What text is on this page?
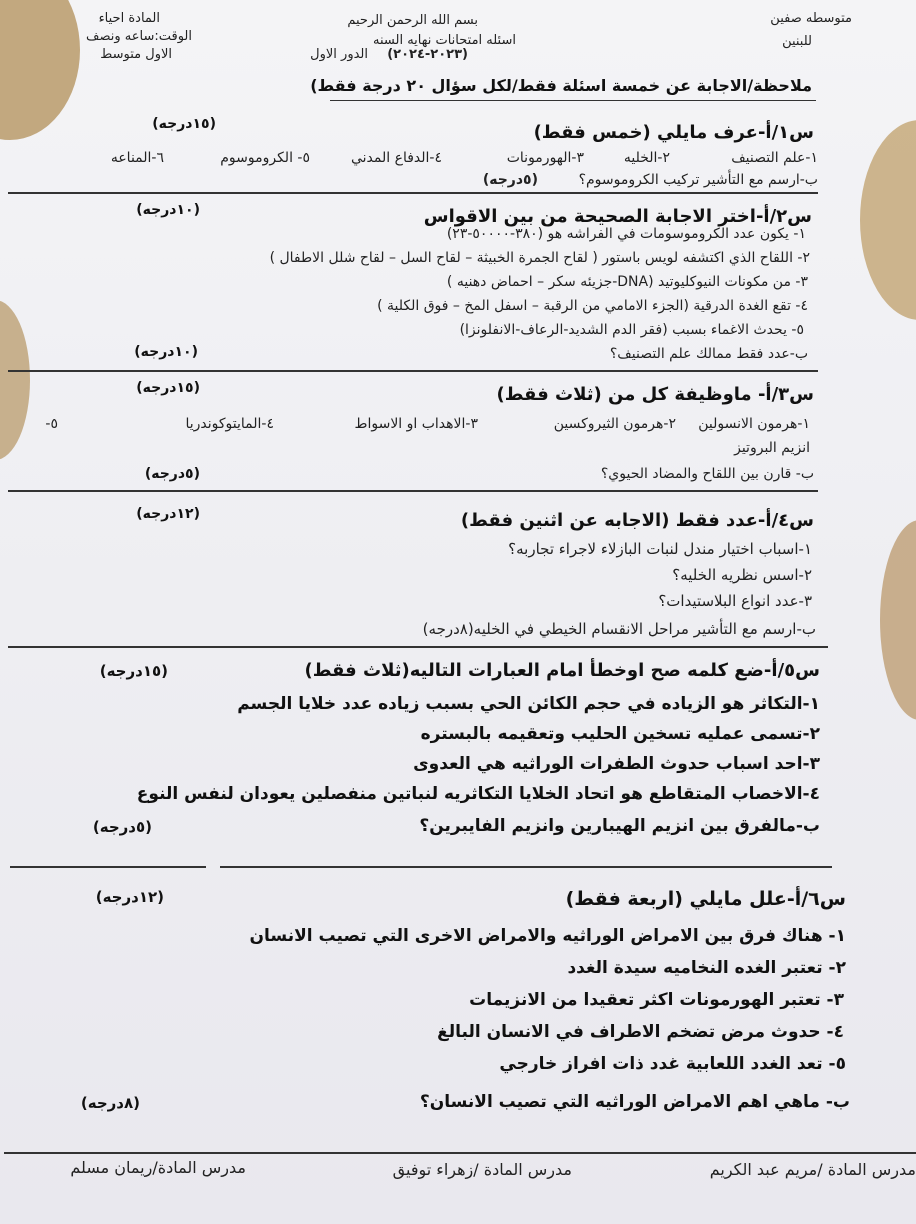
متوسطه صفين
للبنين
بسم الله الرحمن الرحيم
اسئله امتحانات نهايه السنه
(٢٠٢٣-٢٠٢٤)
الدور الاول
المادة احياء
الوقت:ساعه ونصف
الاول متوسط
ملاحظة/الاجابة عن خمسة اسئلة فقط/لكل سؤال ٢٠ درجة فقط)
(١٥درجه)	س١/أ-عرف مايلي (خمس فقط)
١-علم التصنيف
٢-الخليه
٣-الهورمونات
٤-الدفاع المدني
٥- الكروموسوم
٦-المناعه
ب-ارسم مع التأشير تركيب الكروموسوم؟
(٥درجه)
(١٠درجه)	س٢/أ-اختر الاجابة الصحيحة من بين الاقواس
١- يكون عدد الكروموسومات في الفراشه هو (٣٨٠-٥٠٠٠٠-٢٣)
٢- اللقاح الذي اكتشفه لويس باستور ( لقاح الجمرة الخبيثة – لقاح السل – لقاح شلل الاطفال )
٣- من مكونات النيوكليوتيد (DNA-جزيئه سكر – احماض دهنيه )
٤- تقع الغدة الدرقية (الجزء الامامي من الرقبة – اسفل المخ – فوق الكلية )
٥- يحدث الاغماء بسبب (فقر الدم الشديد-الرعاف-الانفلونزا)
ب-عدد فقط ممالك علم التصنيف؟
(١٠درجه)
(١٥درجه)	س٣/أ- ماوظيفة كل من (ثلاث فقط)
١-هرمون الانسولين
٢-هرمون الثيروكسين
٣-الاهداب او الاسواط
٤-المايتوكوندريا
٥-
انزيم البروتيز
ب- قارن بين اللقاح والمضاد الحيوي؟
(٥درجه)
(١٢درجه)	س٤/أ-عدد فقط (الاجابه عن اثنين فقط)
١-اسباب اختيار مندل لنبات البازلاء لاجراء تجاربه؟
٢-اسس نظريه الخليه؟
٣-عدد انواع البلاستيدات؟
ب-ارسم مع التأشير مراحل الانقسام الخيطي في الخليه(٨درجه)
(١٥درجه)	س٥/أ-ضع كلمه صح اوخطأ امام العبارات التاليه(ثلاث فقط)
١-التكاثر هو الزياده في حجم الكائن الحي بسبب زياده عدد خلايا الجسم
٢-تسمى عمليه تسخين الحليب وتعقيمه بالبستره
٣-احد اسباب حدوث الطفرات الوراثيه هي العدوى
٤-الاخصاب المتقاطع هو اتحاد الخلايا التكاثريه لنباتين منفصلين يعودان لنفس النوع
ب-مالفرق بين انزيم الهيبارين وانزيم الفايبرين؟
(٥درجه)
(١٢درجه)	س٦/أ-علل مايلي (اربعة فقط)
١- هناك فرق بين الامراض الوراثيه والامراض الاخرى التي تصيب الانسان
٢- تعتبر الغده النخاميه سيدة الغدد
٣- تعتبر الهورمونات اكثر تعقيدا من الانزيمات
٤- حدوث مرض تضخم الاطراف في الانسان البالغ
٥- تعد الغدد اللعابية غدد ذات افراز خارجي
ب- ماهي اهم الامراض الوراثيه التي تصيب الانسان؟
(٨درجه)
مدرس المادة /مريم عبد الكريم
مدرس المادة /زهراء توفيق
مدرس المادة/ريمان مسلم
